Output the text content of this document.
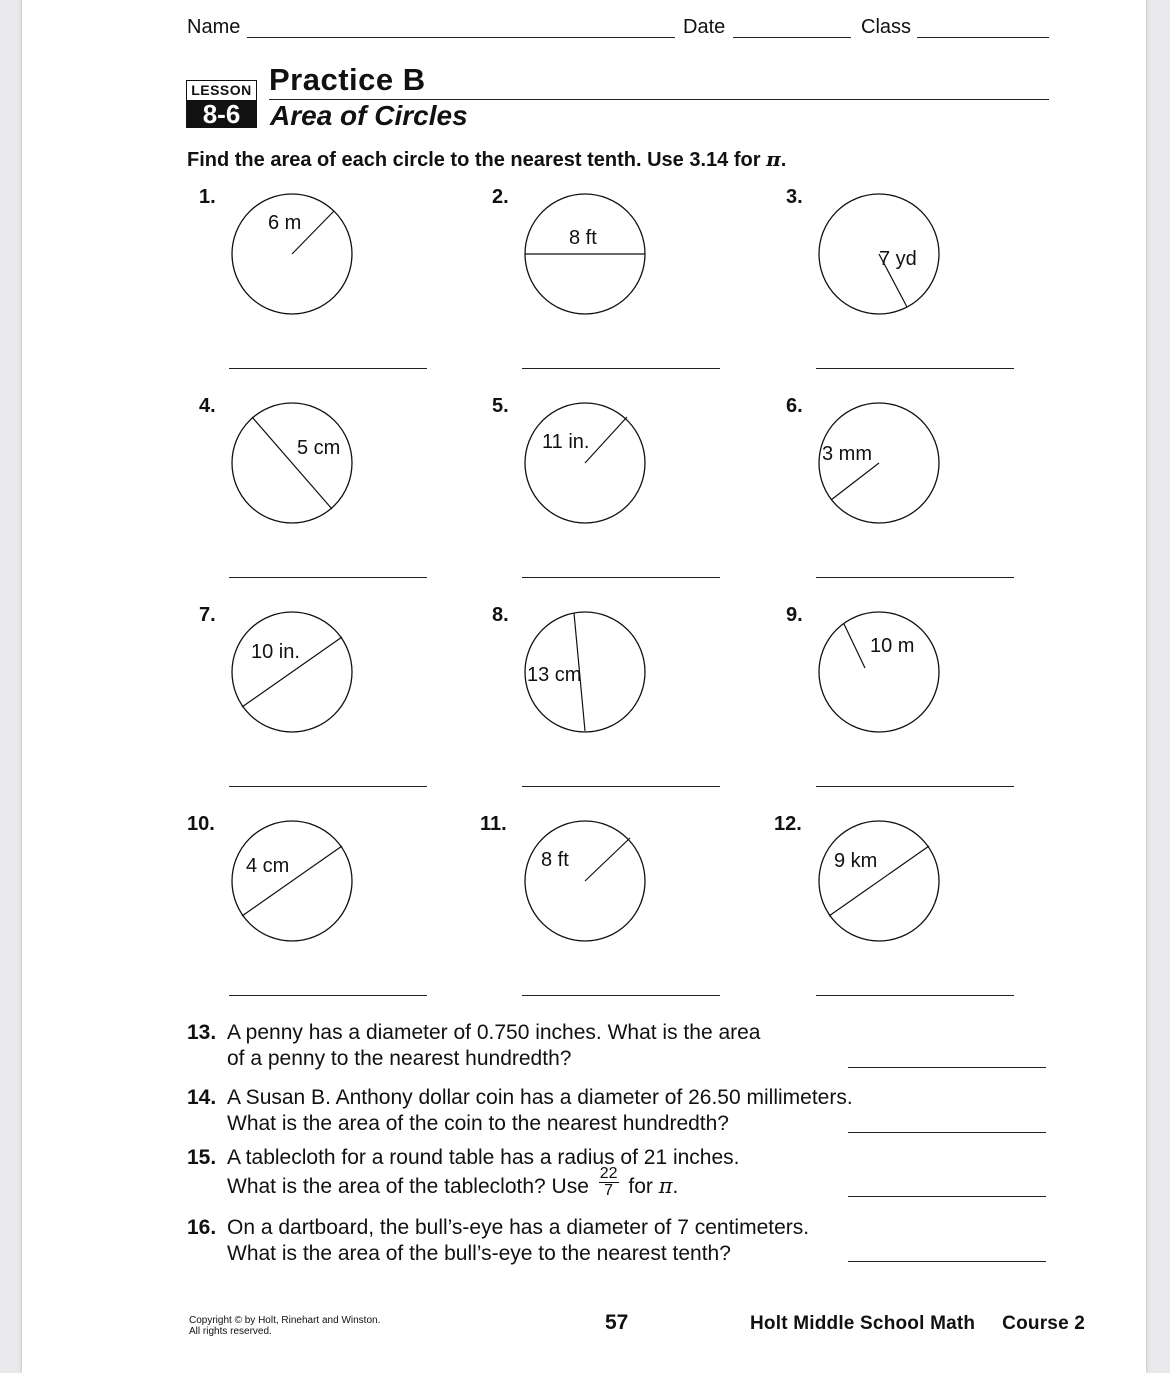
Name	Date	Class
LESSON
8-6
Practice B
Area of Circles
Find the area of each circle to the nearest tenth. Use 3.14 for π.
1.
6 m
2.
8 ft
3.
7 yd
4.
5 cm
5.
11 in.
6.
3 mm
7.
10 in.
8.
13 cm
9.
10 m
10.
4 cm
11.
8 ft
12.
9 km
13. A penny has a diameter of 0.750 inches. What is the area
of a penny to the nearest hundredth?
14. A Susan B. Anthony dollar coin has a diameter of 26.50 millimeters.
What is the area of the coin to the nearest hundredth?
15. A tablecloth for a round table has a radius of 21 inches.
What is the area of the tablecloth? Use $\frac{22}{7}$ for π.
16. On a dartboard, the bull’s-eye has a diameter of 7 centimeters.
What is the area of the bull’s-eye to the nearest tenth?
Copyright © by Holt, Rinehart and Winston.
All rights reserved.	57	Holt Middle School Math Course 2
